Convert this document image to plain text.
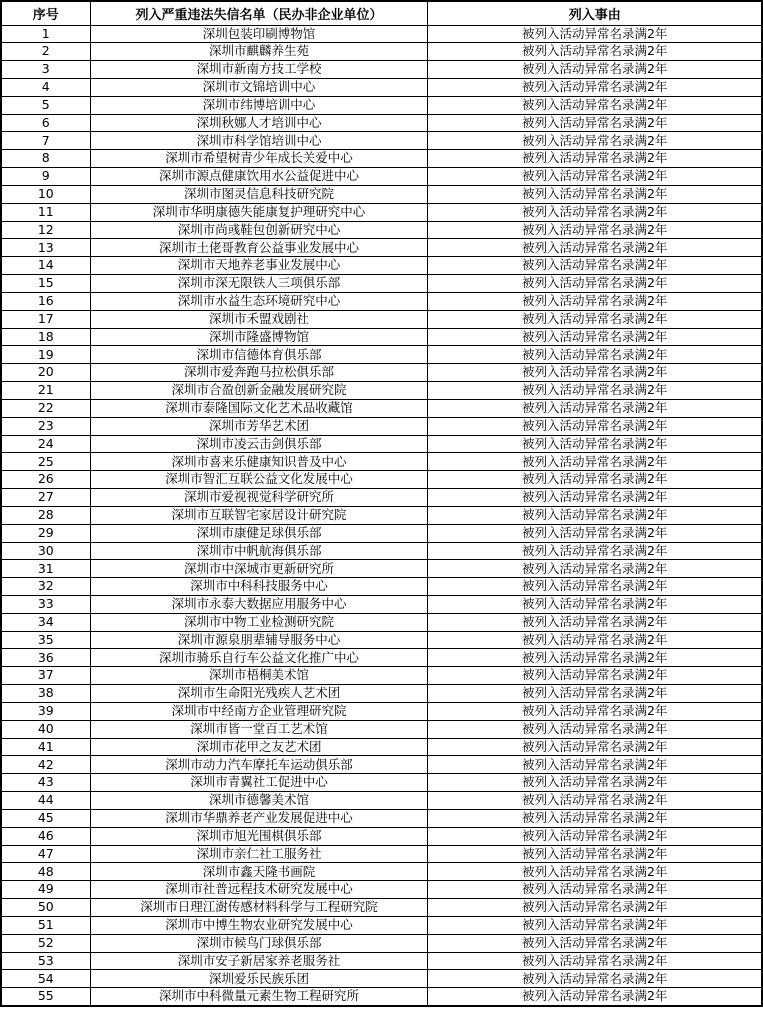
序号	列入严重违法失信名单（民办非企业单位）	列入事由
1	深圳包装印刷博物馆	被列入活动异常名录满2年
2	深圳市麒麟养生苑	被列入活动异常名录满2年
3	深圳市新南方技工学校	被列入活动异常名录满2年
4	深圳市文锦培训中心	被列入活动异常名录满2年
5	深圳市纬博培训中心	被列入活动异常名录满2年
6	深圳秋娜人才培训中心	被列入活动异常名录满2年
7	深圳市科学馆培训中心	被列入活动异常名录满2年
8	深圳市希望树青少年成长关爱中心	被列入活动异常名录满2年
9	深圳市源点健康饮用水公益促进中心	被列入活动异常名录满2年
10	深圳市图灵信息科技研究院	被列入活动异常名录满2年
11	深圳市华明康德失能康复护理研究中心	被列入活动异常名录满2年
12	深圳市尚彧鞋包创新研究中心	被列入活动异常名录满2年
13	深圳市土佬哥教育公益事业发展中心	被列入活动异常名录满2年
14	深圳市天地养老事业发展中心	被列入活动异常名录满2年
15	深圳市深无限铁人三项俱乐部	被列入活动异常名录满2年
16	深圳市水益生态环境研究中心	被列入活动异常名录满2年
17	深圳市禾盟戏剧社	被列入活动异常名录满2年
18	深圳市隆盛博物馆	被列入活动异常名录满2年
19	深圳市信德体育俱乐部	被列入活动异常名录满2年
20	深圳市爱奔跑马拉松俱乐部	被列入活动异常名录满2年
21	深圳市合盈创新金融发展研究院	被列入活动异常名录满2年
22	深圳市泰隆国际文化艺术品收藏馆	被列入活动异常名录满2年
23	深圳市芳华艺术团	被列入活动异常名录满2年
24	深圳市凌云击剑俱乐部	被列入活动异常名录满2年
25	深圳市喜来乐健康知识普及中心	被列入活动异常名录满2年
26	深圳市智汇互联公益文化发展中心	被列入活动异常名录满2年
27	深圳市爱视视觉科学研究所	被列入活动异常名录满2年
28	深圳市互联智宅家居设计研究院	被列入活动异常名录满2年
29	深圳市康健足球俱乐部	被列入活动异常名录满2年
30	深圳市中帆航海俱乐部	被列入活动异常名录满2年
31	深圳市中深城市更新研究所	被列入活动异常名录满2年
32	深圳市中科科技服务中心	被列入活动异常名录满2年
33	深圳市永泰大数据应用服务中心	被列入活动异常名录满2年
34	深圳市中物工业检测研究院	被列入活动异常名录满2年
35	深圳市源泉朋辈辅导服务中心	被列入活动异常名录满2年
36	深圳市骑乐自行车公益文化推广中心	被列入活动异常名录满2年
37	深圳市梧桐美术馆	被列入活动异常名录满2年
38	深圳市生命阳光残疾人艺术团	被列入活动异常名录满2年
39	深圳市中经南方企业管理研究院	被列入活动异常名录满2年
40	深圳市皆一堂百工艺术馆	被列入活动异常名录满2年
41	深圳市花甲之友艺术团	被列入活动异常名录满2年
42	深圳市动力汽车摩托车运动俱乐部	被列入活动异常名录满2年
43	深圳市青翼社工促进中心	被列入活动异常名录满2年
44	深圳市德馨美术馆	被列入活动异常名录满2年
45	深圳市华鼎养老产业发展促进中心	被列入活动异常名录满2年
46	深圳市旭光围棋俱乐部	被列入活动异常名录满2年
47	深圳市亲仁社工服务社	被列入活动异常名录满2年
48	深圳市鑫天隆书画院	被列入活动异常名录满2年
49	深圳市社普远程技术研究发展中心	被列入活动异常名录满2年
50	深圳市日理江澍传感材料科学与工程研究院	被列入活动异常名录满2年
51	深圳市中博生物农业研究发展中心	被列入活动异常名录满2年
52	深圳市候鸟门球俱乐部	被列入活动异常名录满2年
53	深圳市安子新居家养老服务社	被列入活动异常名录满2年
54	深圳爱乐民族乐团	被列入活动异常名录满2年
55	深圳市中科微量元素生物工程研究所	被列入活动异常名录满2年
